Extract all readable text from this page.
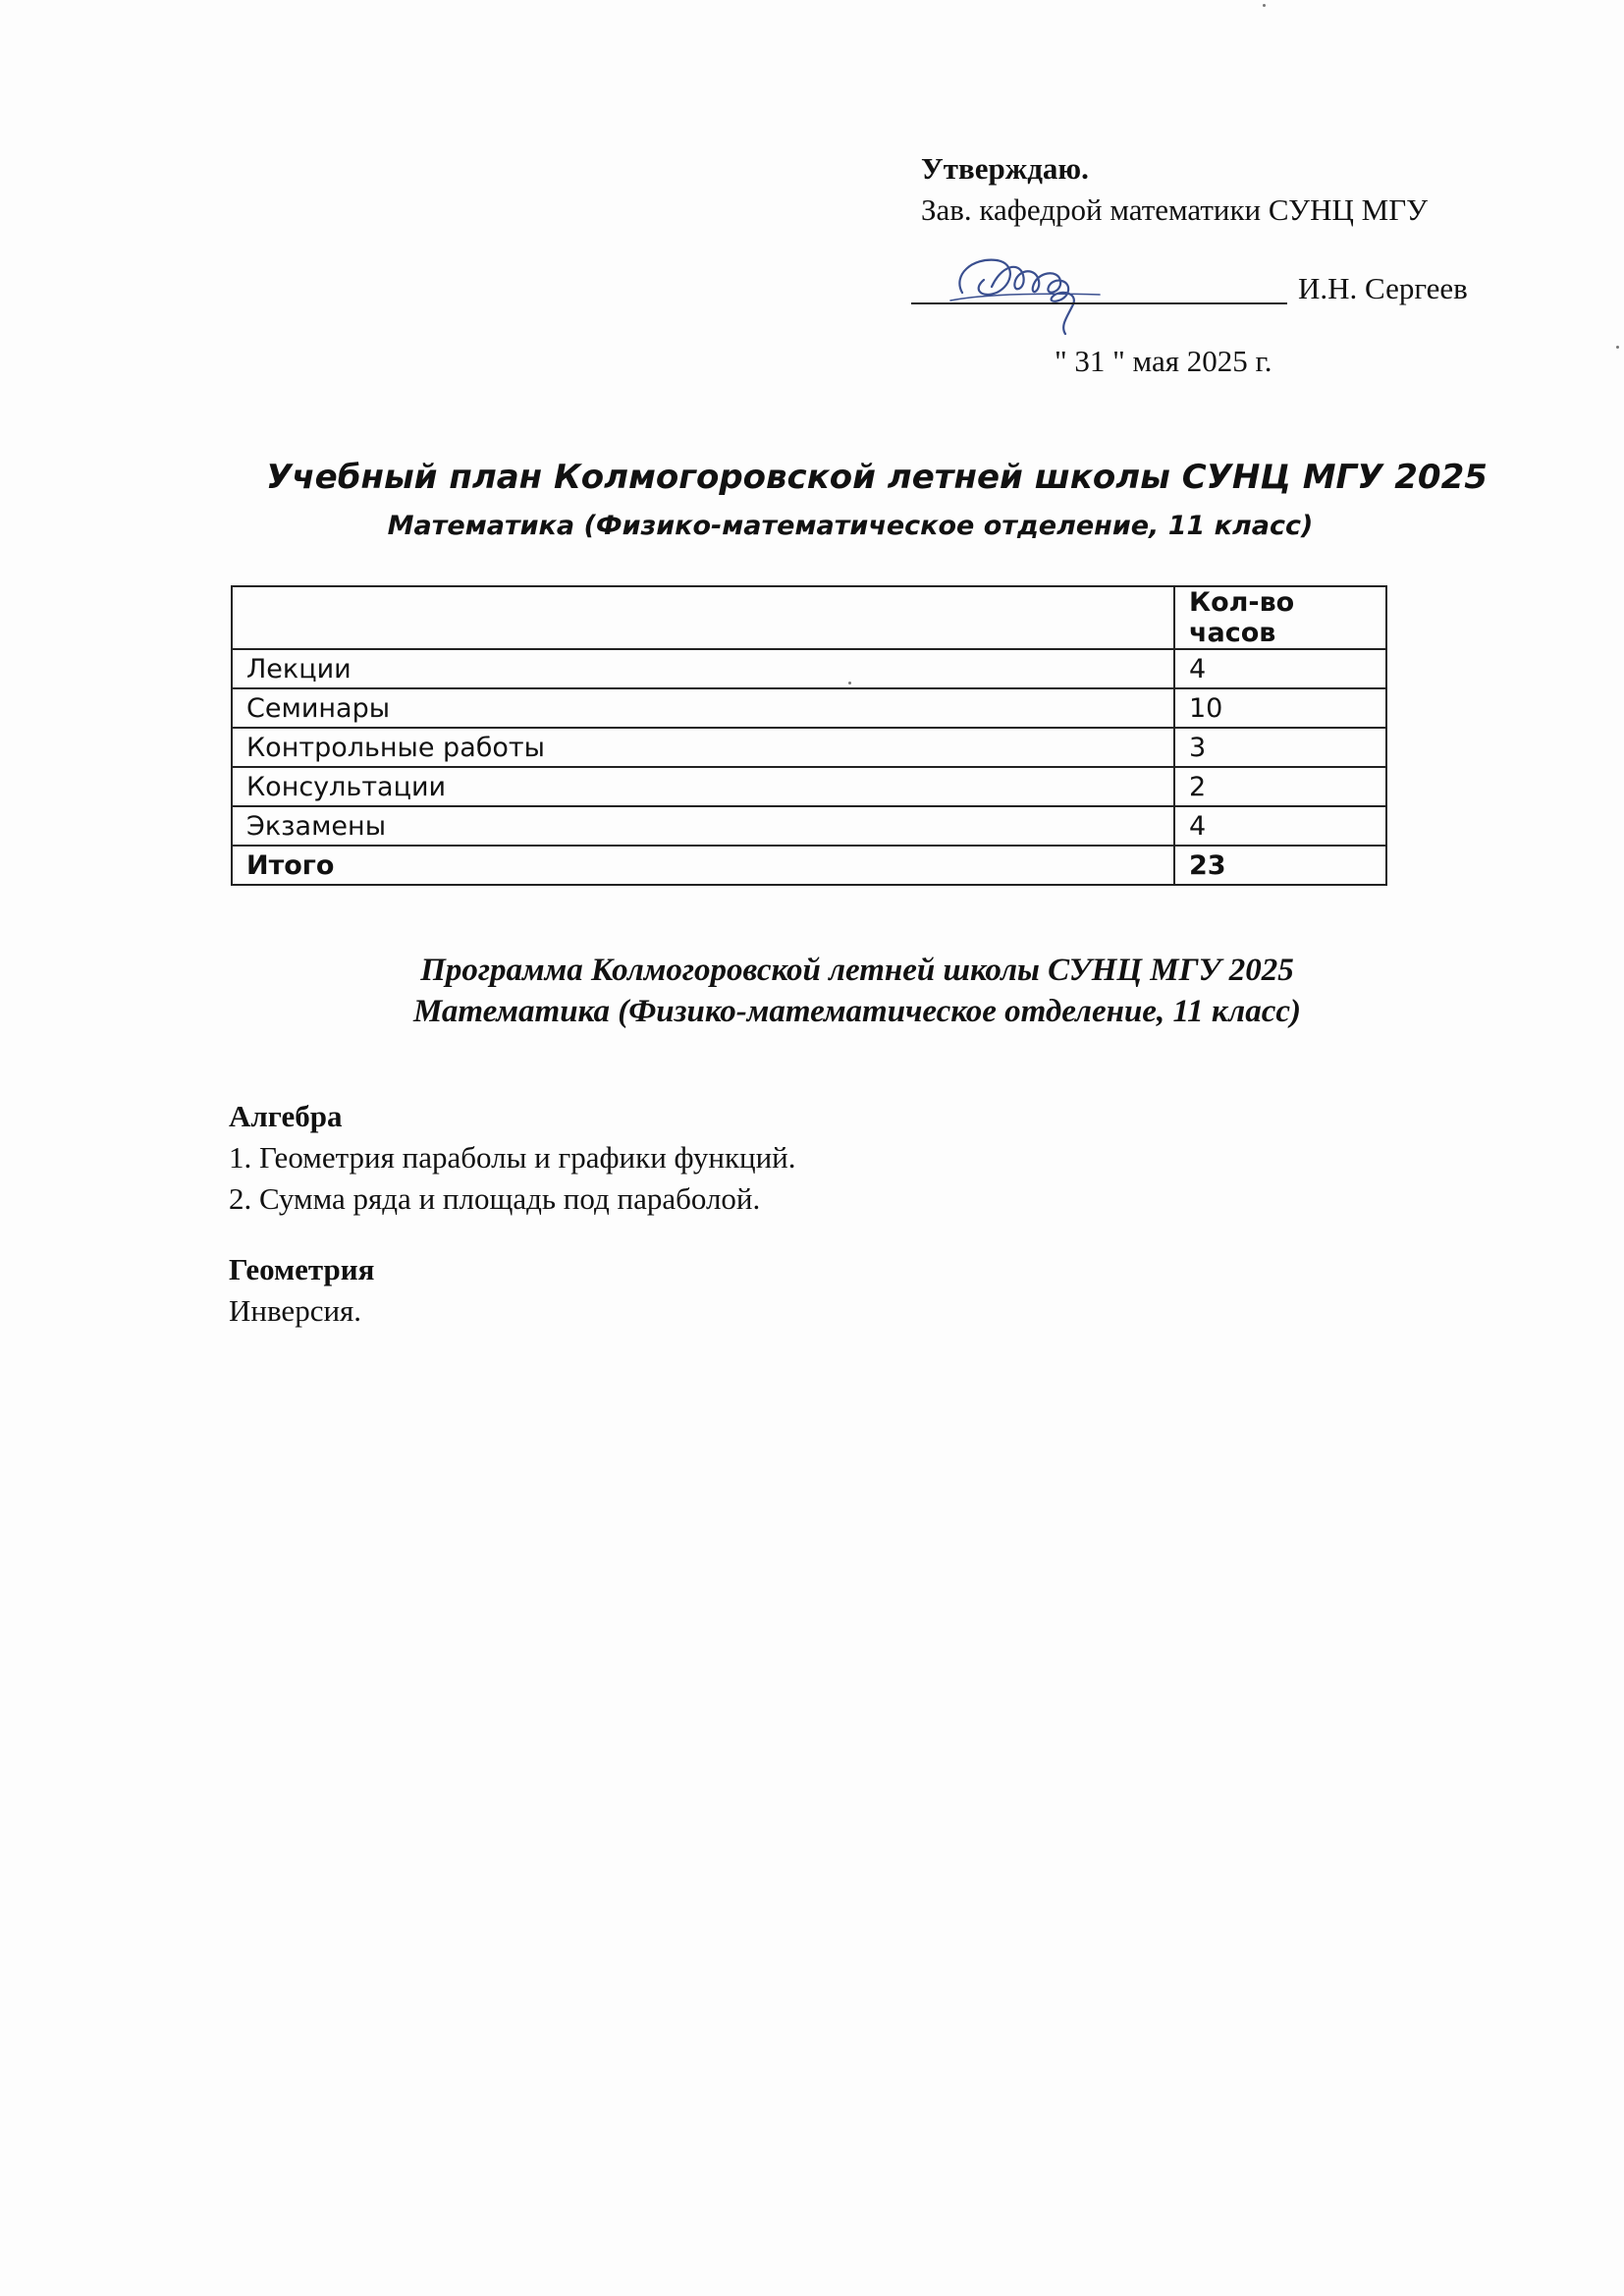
Утверждаю.
Зав. кафедрой математики СУНЦ МГУ
И.Н. Сергеев
" 31 " мая 2025 г.
Учебный план Колмогоровской летней школы СУНЦ МГУ 2025
Математика (Физико-математическое отделение, 11 класс)
	Кол-во часов
Лекции	4
Семинары	10
Контрольные работы	3
Консультации	2
Экзамены	4
Итого	23
Программа Колмогоровской летней школы СУНЦ МГУ 2025
Математика (Физико-математическое отделение, 11 класс)
Алгебра
1. Геометрия параболы и графики функций.
2. Сумма ряда и площадь под параболой.
Геометрия
Инверсия.
